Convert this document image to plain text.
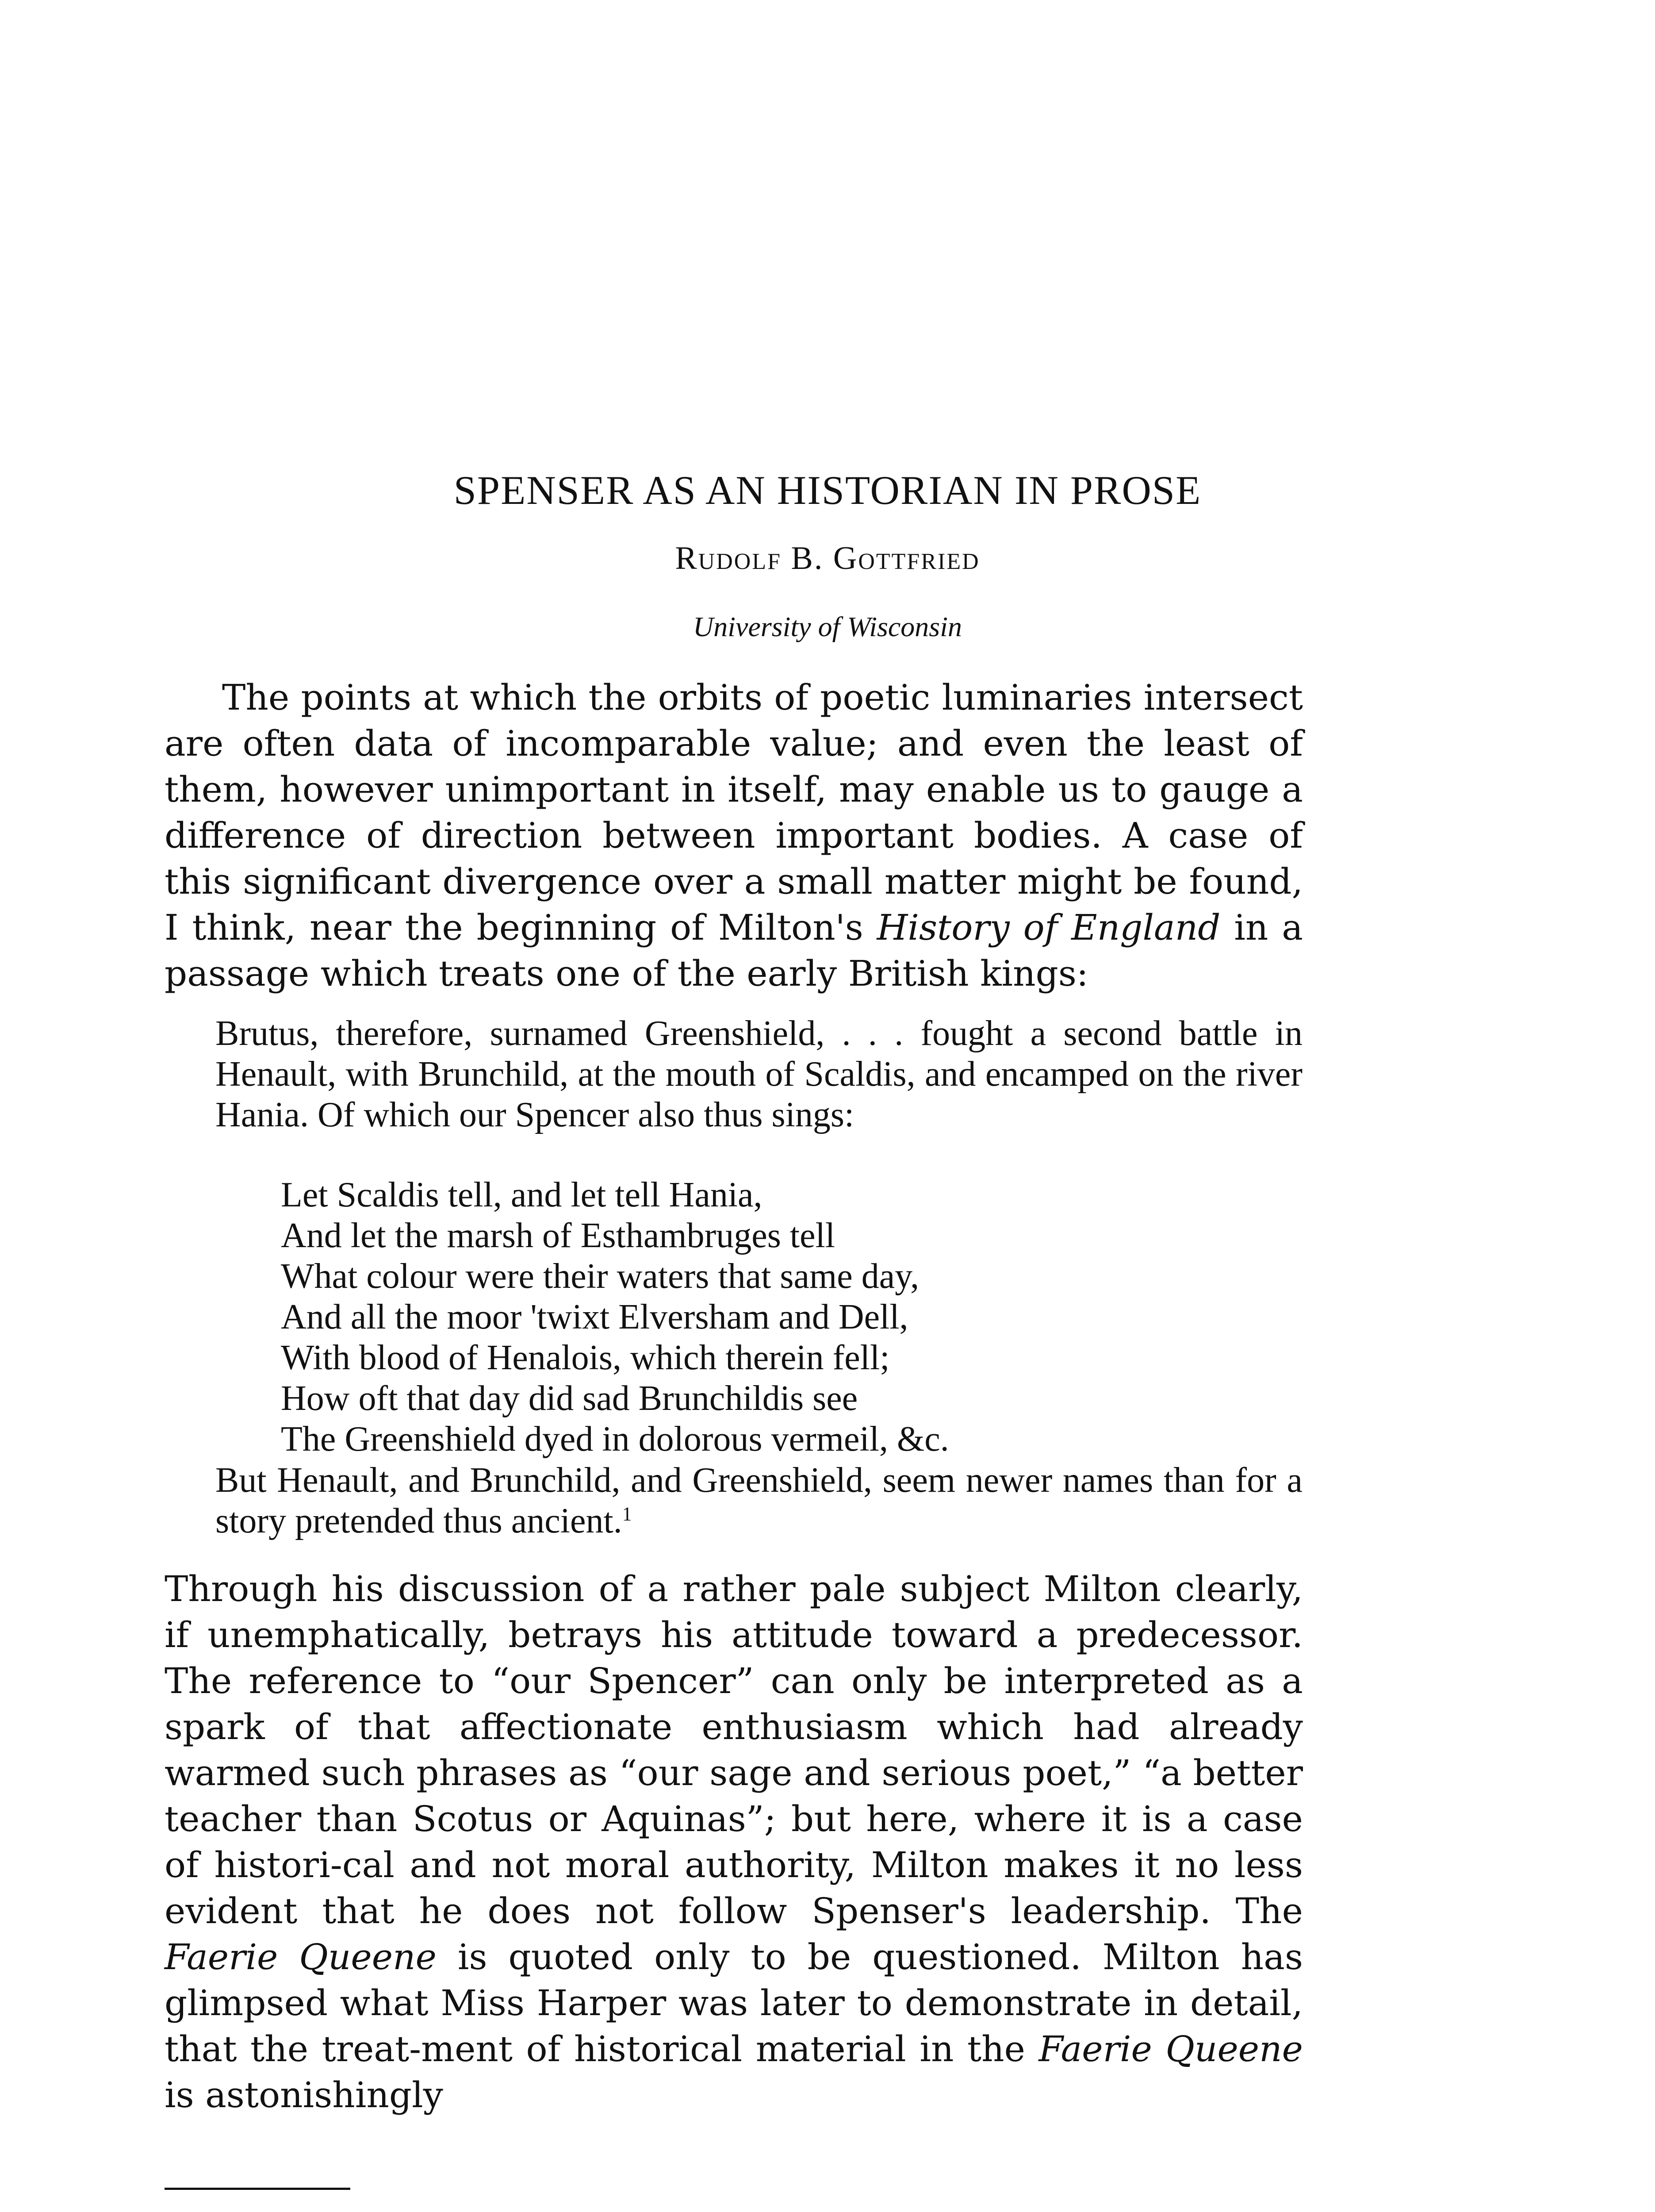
SPENSER AS AN HISTORIAN IN PROSE

Rudolf B. Gottfried

University of Wisconsin

The points at which the orbits of poetic luminaries intersect are often data of incomparable value; and even the least of them, however unimportant in itself, may enable us to gauge a difference of direction between important bodies. A case of this significant divergence over a small matter might be found, I think, near the beginning of Milton's History of England in a passage which treats one of the early British kings:

Brutus, therefore, surnamed Greenshield, . . . fought a second battle in Henault, with Brunchild, at the mouth of Scaldis, and encamped on the river Hania. Of which our Spencer also thus sings:

Let Scaldis tell, and let tell Hania,
And let the marsh of Esthambruges tell
What colour were their waters that same day,
And all the moor 'twixt Elversham and Dell,
With blood of Henalois, which therein fell;
How oft that day did sad Brunchildis see
The Greenshield dyed in dolorous vermeil, &c.

But Henault, and Brunchild, and Greenshield, seem newer names than for a story pretended thus ancient.$^1$

Through his discussion of a rather pale subject Milton clearly, if unemphatically, betrays his attitude toward a predecessor. The reference to “our Spencer” can only be interpreted as a spark of that affectionate enthusiasm which had already warmed such phrases as “our sage and serious poet,” “a better teacher than Scotus or Aquinas”; but here, where it is a case of histori-cal and not moral authority, Milton makes it no less evident that he does not follow Spenser's leadership. The Faerie Queene is quoted only to be questioned. Milton has glimpsed what Miss Harper was later to demonstrate in detail, that the treat-ment of historical material in the Faerie Queene is astonishingly
